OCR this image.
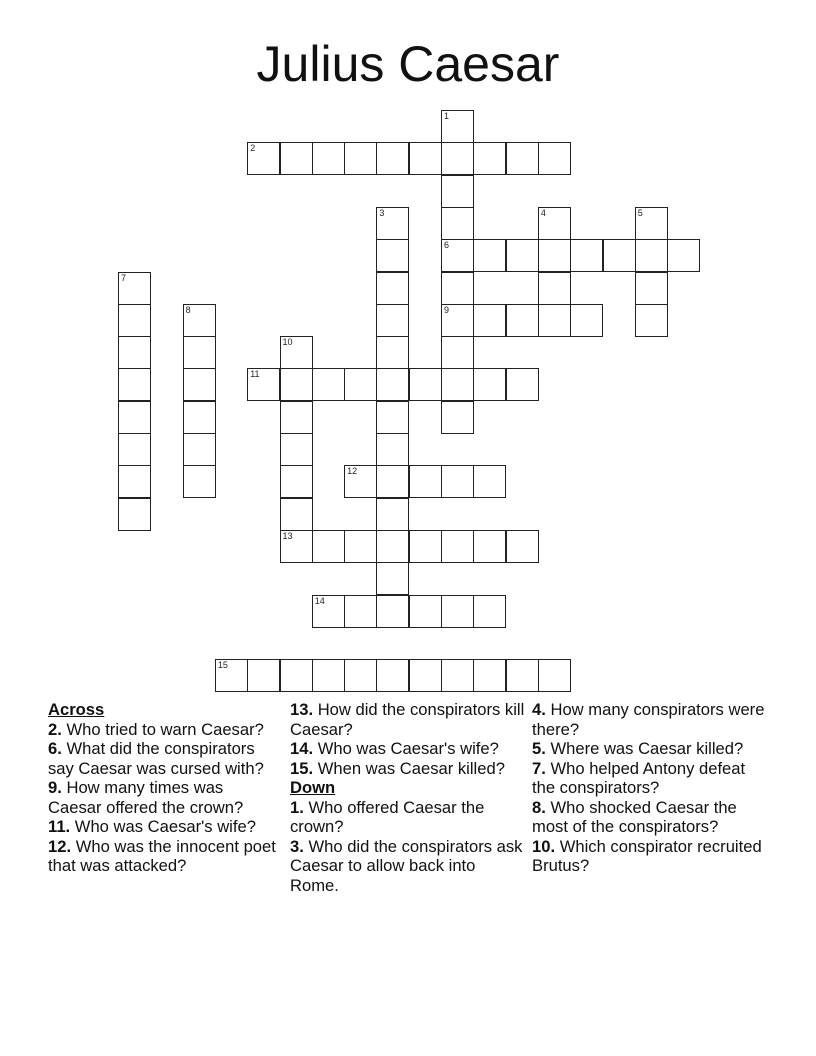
Julius Caesar
1
6
9
2
3	4	5
7
8
10
11
12
13
14
15
Across
2. Who tried to warn Caesar?
6. What did the conspirators say Caesar was cursed with?
9. How many times was Caesar offered the crown?
11. Who was Caesar's wife?
12. Who was the innocent poet that was attacked?
13. How did the conspirators kill Caesar?
14. Who was Caesar's wife?
15. When was Caesar killed?
Down
1. Who offered Caesar the crown?
3. Who did the conspirators ask Caesar to allow back into Rome.
4. How many conspirators were there?
5. Where was Caesar killed?
7. Who helped Antony defeat the conspirators?
8. Who shocked Caesar the most of the conspirators?
10. Which conspirator recruited Brutus?
